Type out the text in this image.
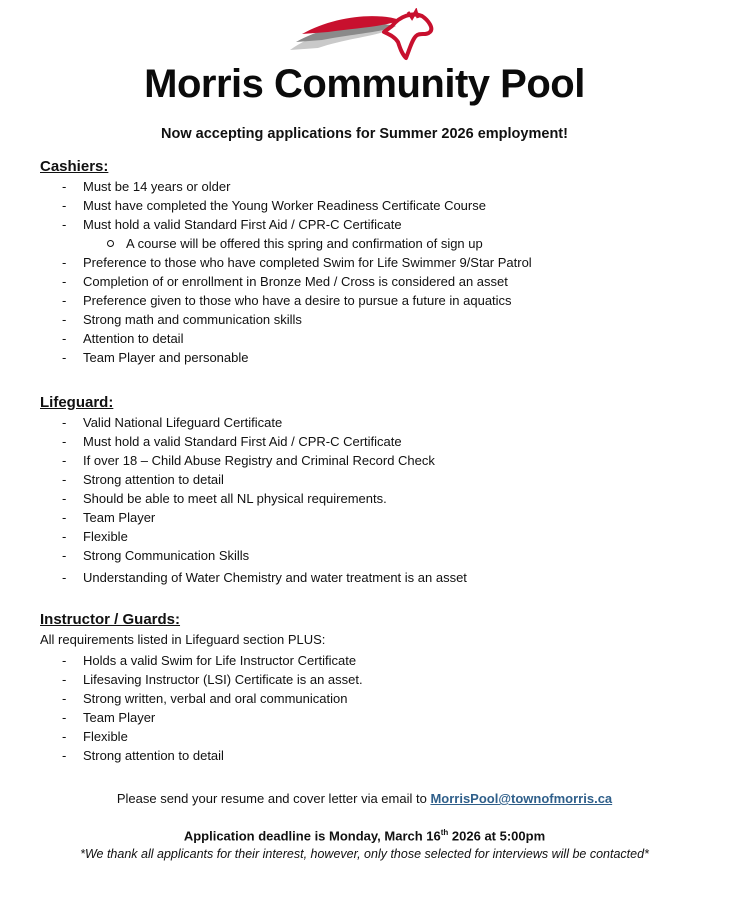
Morris Community Pool
Now accepting applications for Summer 2026 employment!
Cashiers:
- Must be 14 years or older
- Must have completed the Young Worker Readiness Certificate Course
- Must hold a valid Standard First Aid / CPR-C Certificate
A course will be offered this spring and confirmation of sign up
- Preference to those who have completed Swim for Life Swimmer 9/Star Patrol
- Completion of or enrollment in Bronze Med / Cross is considered an asset
- Preference given to those who have a desire to pursue a future in aquatics
- Strong math and communication skills
- Attention to detail
- Team Player and personable
Lifeguard:
- Valid National Lifeguard Certificate
- Must hold a valid Standard First Aid / CPR-C Certificate
- If over 18 – Child Abuse Registry and Criminal Record Check
- Strong attention to detail
- Should be able to meet all NL physical requirements.
- Team Player
- Flexible
- Strong Communication Skills
- Understanding of Water Chemistry and water treatment is an asset
Instructor / Guards:
All requirements listed in Lifeguard section PLUS:
- Holds a valid Swim for Life Instructor Certificate
- Lifesaving Instructor (LSI) Certificate is an asset.
- Strong written, verbal and oral communication
- Team Player
- Flexible
- Strong attention to detail
Please send your resume and cover letter via email to MorrisPool@townofmorris.ca
Application deadline is Monday, March 16th 2026 at 5:00pm
*We thank all applicants for their interest, however, only those selected for interviews will be contacted*
